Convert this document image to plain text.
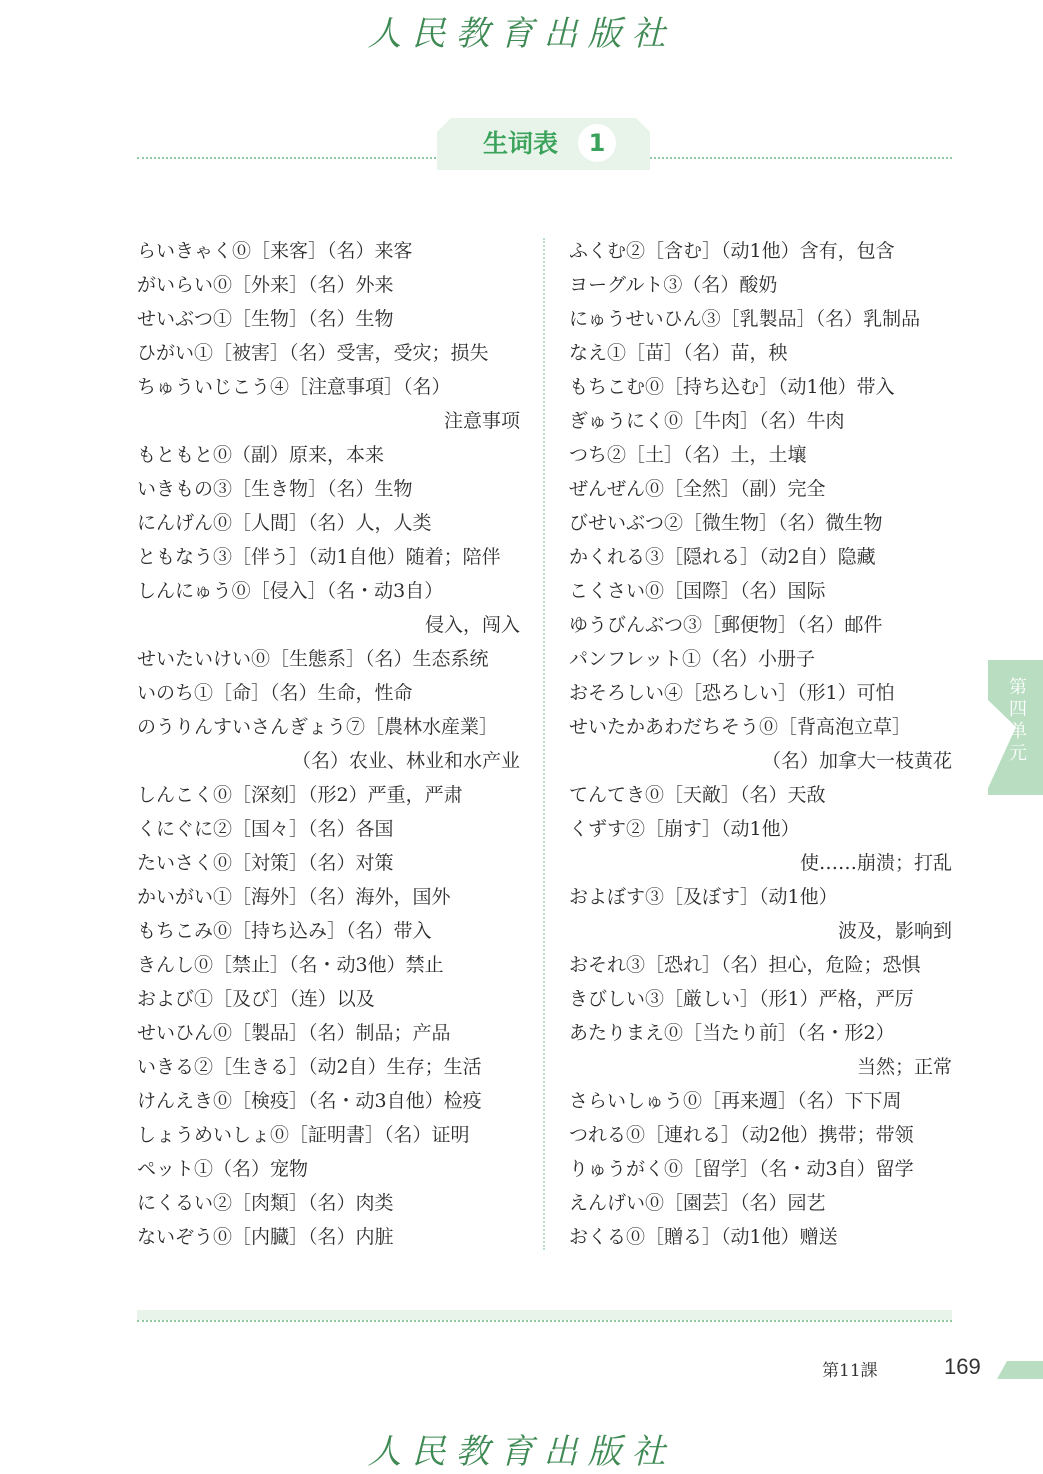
人民教育出版社
生词表	1
らいきゃく⓪［来客］（名）来客
がいらい⓪［外来］（名）外来
せいぶつ①［生物］（名）生物
ひがい①［被害］（名）受害，受灾；损失
ちゅういじこう④［注意事項］（名）
注意事项
もともと⓪（副）原来，本来
いきもの③［生き物］（名）生物
にんげん⓪［人間］（名）人，人类
ともなう③［伴う］（动1自他）随着；陪伴
しんにゅう⓪［侵入］（名・动3自）
侵入，闯入
せいたいけい⓪［生態系］（名）生态系统
いのち①［命］（名）生命，性命
のうりんすいさんぎょう⑦［農林水産業］
（名）农业、林业和水产业
しんこく⓪［深刻］（形2）严重，严肃
くにぐに②［国々］（名）各国
たいさく⓪［対策］（名）对策
かいがい①［海外］（名）海外，国外
もちこみ⓪［持ち込み］（名）带入
きんし⓪［禁止］（名・动3他）禁止
および①［及び］（连）以及
せいひん⓪［製品］（名）制品；产品
いきる②［生きる］（动2自）生存；生活
けんえき⓪［検疫］（名・动3自他）检疫
しょうめいしょ⓪［証明書］（名）证明
ペット①（名）宠物
にくるい②［肉類］（名）肉类
ないぞう⓪［内臓］（名）内脏
ふくむ②［含む］（动1他）含有，包含
ヨーグルト③（名）酸奶
にゅうせいひん③［乳製品］（名）乳制品
なえ①［苗］（名）苗，秧
もちこむ⓪［持ち込む］（动1他）带入
ぎゅうにく⓪［牛肉］（名）牛肉
つち②［土］（名）土，土壤
ぜんぜん⓪［全然］（副）完全
びせいぶつ②［微生物］（名）微生物
かくれる③［隠れる］（动2自）隐藏
こくさい⓪［国際］（名）国际
ゆうびんぶつ③［郵便物］（名）邮件
パンフレット①（名）小册子
おそろしい④［恐ろしい］（形1）可怕
せいたかあわだちそう⓪［背高泡立草］
（名）加拿大一枝黄花
てんてき⓪［天敵］（名）天敌
くずす②［崩す］（动1他）
使……崩溃；打乱
およぼす③［及ぼす］（动1他）
波及，影响到
おそれ③［恐れ］（名）担心，危险；恐惧
きびしい③［厳しい］（形1）严格，严厉
あたりまえ⓪［当たり前］（名・形2）
当然；正常
さらいしゅう⓪［再来週］（名）下下周
つれる⓪［連れる］（动2他）携带；带领
りゅうがく⓪［留学］（名・动3自）留学
えんげい⓪［園芸］（名）园艺
おくる⓪［贈る］（动1他）赠送
第四单元
第11課	169
人民教育出版社
